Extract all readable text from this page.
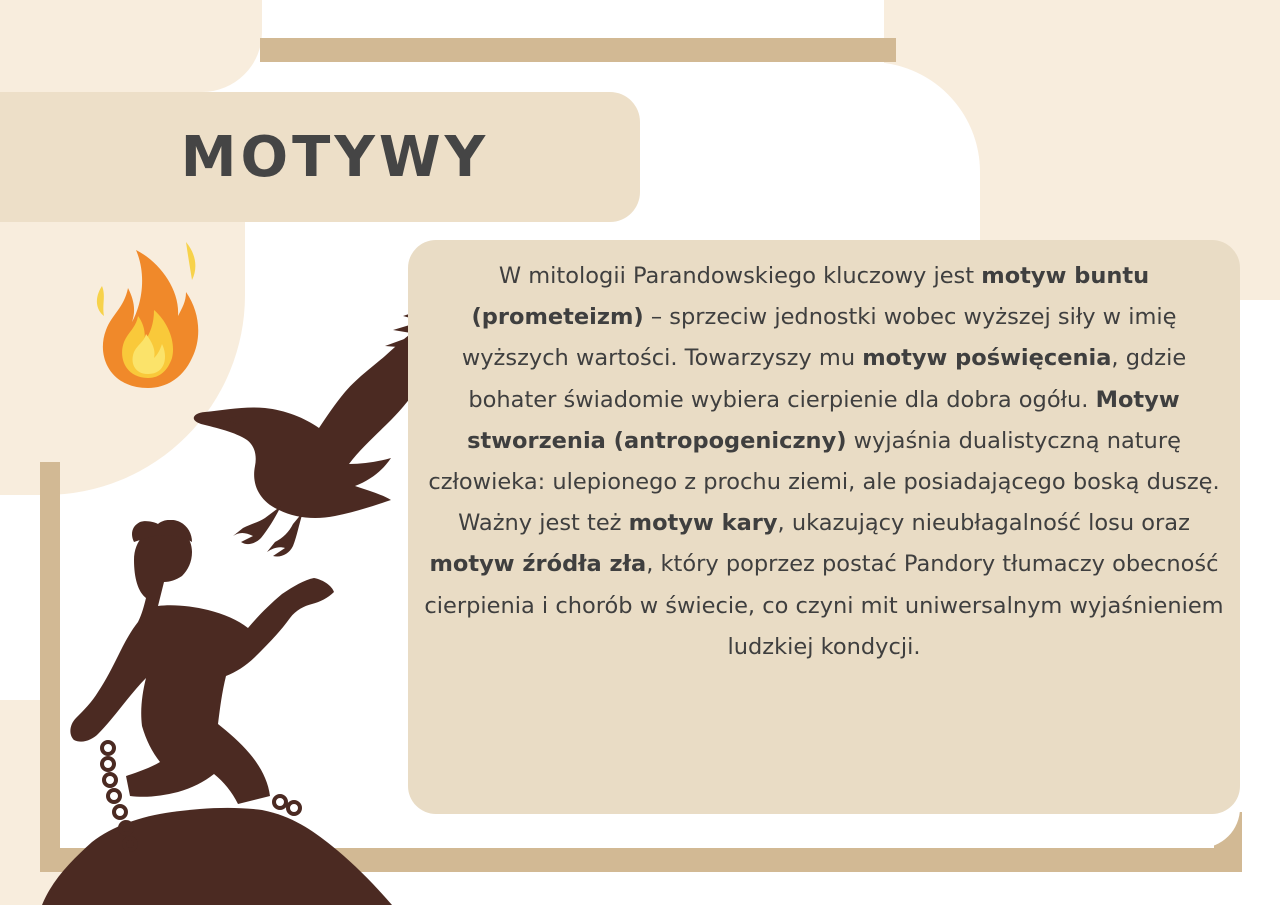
MOTYWY

W mitologii Parandowskiego kluczowy jest motyw buntu (prometeizm) – sprzeciw jednostki wobec wyższej siły w imię wyższych wartości. Towarzyszy mu motyw poświęcenia, gdzie bohater świadomie wybiera cierpienie dla dobra ogółu. Motyw stworzenia (antropogeniczny) wyjaśnia dualistyczną naturę człowieka: ulepionego z prochu ziemi, ale posiadającego boską duszę. Ważny jest też motyw kary, ukazujący nieubłagalność losu oraz motyw źródła zła, który poprzez postać Pandory tłumaczy obecność cierpienia i chorób w świecie, co czyni mit uniwersalnym wyjaśnieniem ludzkiej kondycji.
